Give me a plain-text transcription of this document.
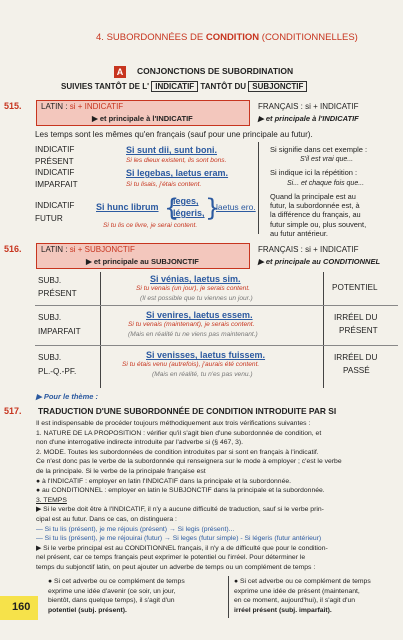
4. SUBORDONNÉES DE CONDITION (CONDITIONNELLES)
A	CONJONCTIONS DE SUBORDINATION
SUIVIES TANTÔT DE L' INDICATIF TANTÔT DU SUBJONCTIF
515. LATIN : si + INDICATIF
▶ et principale à l'INDICATIF
FRANÇAIS : si + INDICATIF
▶ et principale à l'INDICATIF
Les temps sont les mêmes qu'en français (sauf pour une principale au futur).
INDICATIF
PRÉSENT
Si sunt dii, sunt boni.
Si les dieux existent, ils sont bons.
Si signifie dans cet exemple :
S'il est vrai que...
INDICATIF
IMPARFAIT
Si legebas, laetus eram.
Si tu lisais, j'étais content.
Si indique ici la répétition :
Si... et chaque fois que...
INDICATIF
FUTUR
Si hunc librum {
leges,
légeris, }
laetus ero.
Si tu lis ce livre, je serai content.
Quand la principale est au
futur, la subordonnée est, à
la différence du français, au
futur simple ou, plus souvent,
au futur antérieur.
516. LATIN : si + SUBJONCTIF
▶ et principale au SUBJONCTIF
FRANÇAIS : si + INDICATIF
▶ et principale au CONDITIONNEL
SUBJ.
PRÉSENT
Si vénias, laetus sim.
Si tu venais (un jour), je serais content.
(Il est possible que tu viennes un jour.)
POTENTIEL
SUBJ.
IMPARFAIT
Si venires, laetus essem.
Si tu venais (maintenant), je serais content.
(Mais en réalité tu ne viens pas maintenant.)
IRRÉEL DU
PRÉSENT
SUBJ.
PL.-Q.-PF.
Si venisses, laetus fuissem.
Si tu étais venu (autrefois), j'aurais été content.
(Mais en réalité, tu n'es pas venu.)
IRRÉEL DU
PASSÉ
▶ Pour le thème :
517. TRADUCTION D'UNE SUBORDONNÉE DE CONDITION INTRODUITE PAR SI
Il est indispensable de procéder toujours méthodiquement aux trois vérifications suivantes :
1. NATURE DE LA PROPOSITION : vérifier qu'il s'agit bien d'une subordonnée de condition, et
non d'une interrogative indirecte introduite par l'adverbe si (§ 467, 3).
2. MODE. Toutes les subordonnées de condition introduites par si sont en français à l'indicatif.
Ce n'est donc pas le verbe de la subordonnée qui renseignera sur le mode à employer ; c'est le verbe
de la principale. Si le verbe de la principale française est
● à l'INDICATIF : employer en latin l'INDICATIF dans la principale et la subordonnée.
● au CONDITIONNEL : employer en latin le SUBJONCTIF dans la principale et la subordonnée.
3. TEMPS
▶ Si le verbe doit être à l'INDICATIF, il n'y a aucune difficulté de traduction, sauf si le verbe prin-
cipal est au futur. Dans ce cas, on distinguera :
— Si tu lis (présent), je me réjouis (présent) → Si legis (présent)...
— Si tu lis (présent), je me réjouirai (futur) → Si leges (futur simple) - Si légeris (futur antérieur)
▶ Si le verbe principal est au CONDITIONNEL français, il n'y a de difficulté que pour le condition-
nel présent, car ce temps français peut exprimer le potentiel ou l'irréel. Pour déterminer le
temps du subjonctif latin, on peut ajouter un adverbe de temps ou un complément de temps :
● Si cet adverbe ou ce complément de temps
exprime une idée d'avenir (ce soir, un jour,
bientôt, dans quelque temps), il s'agit d'un
potentiel (subj. présent).
● Si cet adverbe ou ce complément de temps
exprime une idée de présent (maintenant,
en ce moment, aujourd'hui), il s'agit d'un
irréel présent (subj. imparfait).
160
